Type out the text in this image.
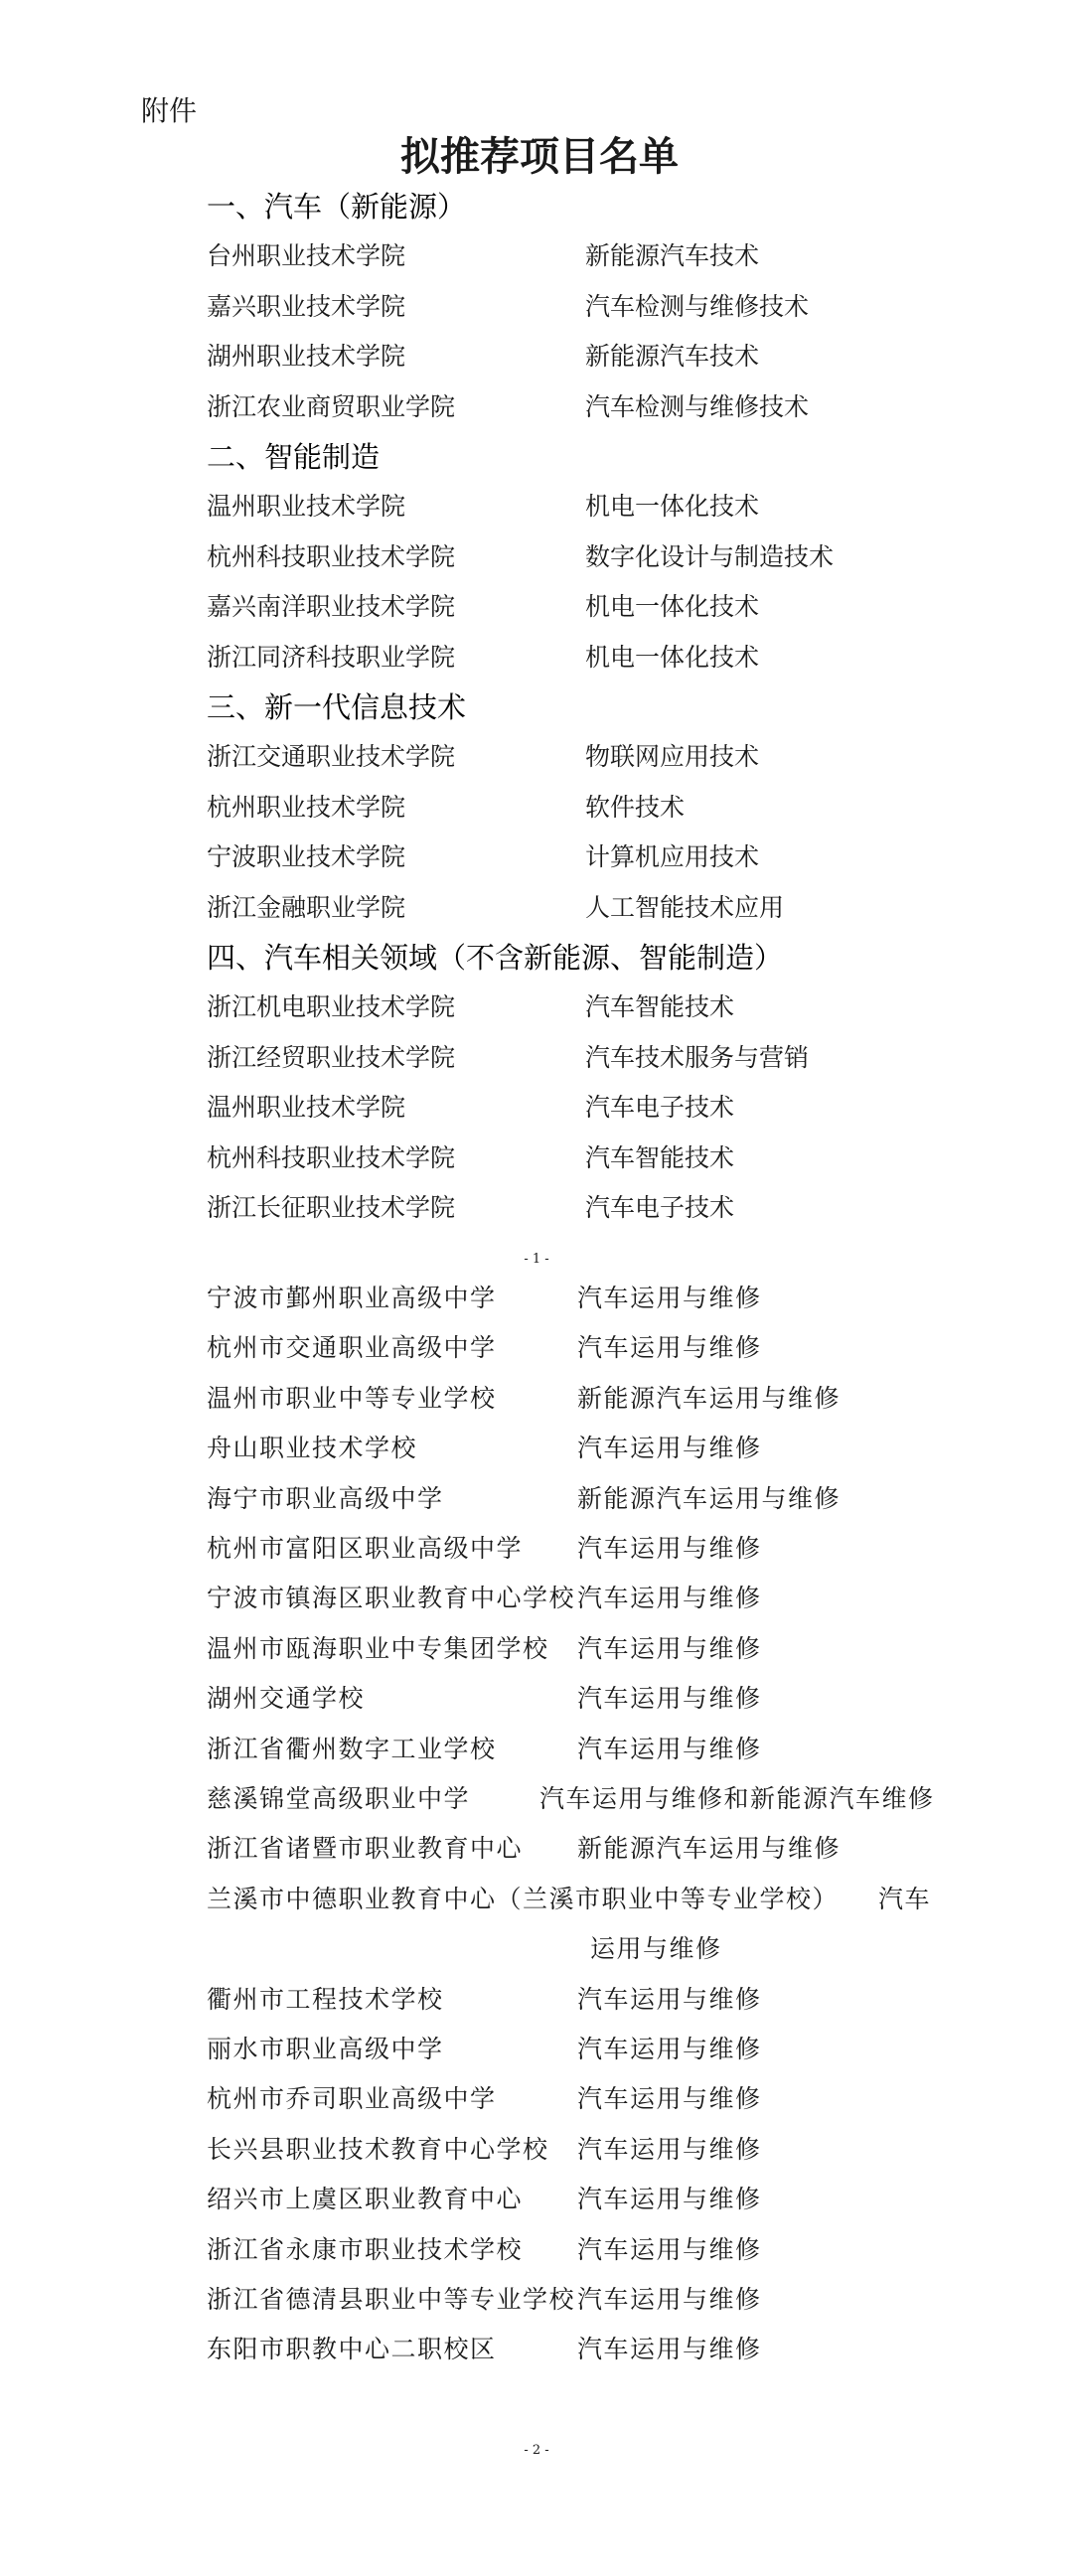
附件
拟推荐项目名单
一、汽车（新能源）
台州职业技术学院	新能源汽车技术
嘉兴职业技术学院	汽车检测与维修技术
湖州职业技术学院	新能源汽车技术
浙江农业商贸职业学院	汽车检测与维修技术
二、智能制造
温州职业技术学院	机电一体化技术
杭州科技职业技术学院	数字化设计与制造技术
嘉兴南洋职业技术学院	机电一体化技术
浙江同济科技职业学院	机电一体化技术
三、新一代信息技术
浙江交通职业技术学院	物联网应用技术
杭州职业技术学院	软件技术
宁波职业技术学院	计算机应用技术
浙江金融职业学院	人工智能技术应用
四、汽车相关领域（不含新能源、智能制造）
浙江机电职业技术学院	汽车智能技术
浙江经贸职业技术学院	汽车技术服务与营销
温州职业技术学院	汽车电子技术
杭州科技职业技术学院	汽车智能技术
浙江长征职业技术学院	汽车电子技术
- 1 -
宁波市鄞州职业高级中学	汽车运用与维修
杭州市交通职业高级中学	汽车运用与维修
温州市职业中等专业学校	新能源汽车运用与维修
舟山职业技术学校	汽车运用与维修
海宁市职业高级中学	新能源汽车运用与维修
杭州市富阳区职业高级中学 汽车运用与维修
宁波市镇海区职业教育中心学校 汽车运用与维修
温州市瓯海职业中专集团学校 汽车运用与维修
湖州交通学校	汽车运用与维修
浙江省衢州数字工业学校	汽车运用与维修
慈溪锦堂高级职业中学	汽车运用与维修和新能源汽车维修
浙江省诸暨市职业教育中心 新能源汽车运用与维修
兰溪市中德职业教育中心（兰溪市职业中等专业学校） 汽车运用与维修
衢州市工程技术学校	汽车运用与维修
丽水市职业高级中学	汽车运用与维修
杭州市乔司职业高级中学	汽车运用与维修
长兴县职业技术教育中心学校 汽车运用与维修
绍兴市上虞区职业教育中心 汽车运用与维修
浙江省永康市职业技术学校 汽车运用与维修
浙江省德清县职业中等专业学校 汽车运用与维修
东阳市职教中心二职校区	汽车运用与维修
- 2 -
